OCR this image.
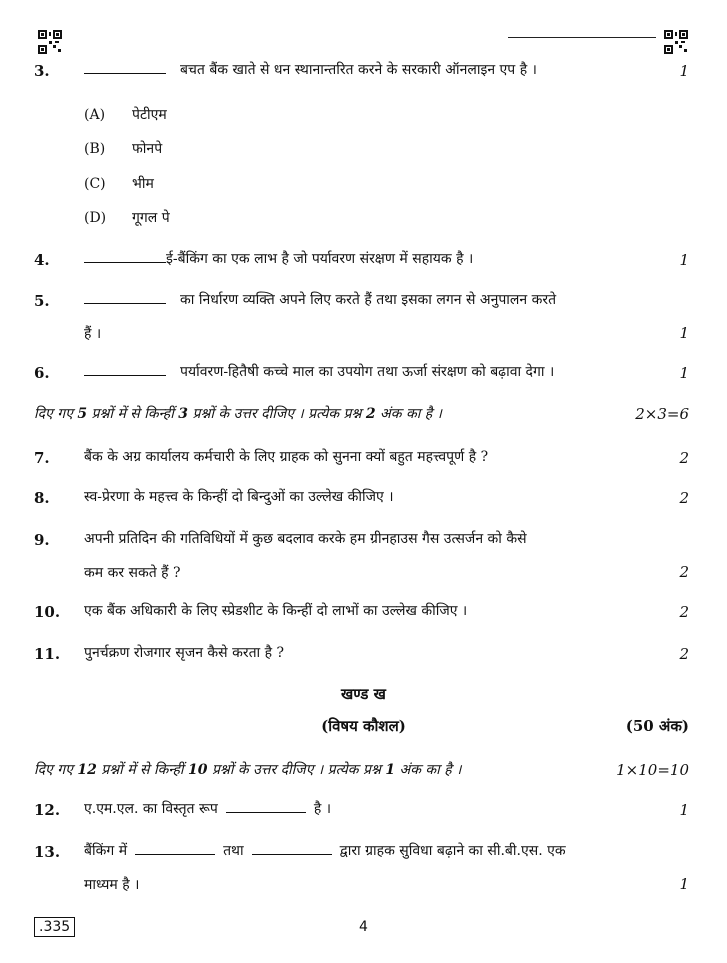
3.	बचत बैंक खाते से धन स्थानान्तरित करने के सरकारी ऑनलाइन एप है ।	1
(A) पेटीएम
(B) फोनपे
(C) भीम
(D) गूगल पे
4.	ई-बैंकिंग का एक लाभ है जो पर्यावरण संरक्षण में सहायक है ।	1
5.	का निर्धारण व्यक्ति अपने लिए करते हैं तथा इसका लगन से अनुपालन करते
हैं ।	1
6.	पर्यावरण-हितैषी कच्चे माल का उपयोग तथा ऊर्जा संरक्षण को बढ़ावा देगा ।	1
दिए गए 5 प्रश्नों में से किन्हीं 3 प्रश्नों के उत्तर दीजिए । प्रत्येक प्रश्न 2 अंक का है ।	2×3=6
7. बैंक के अग्र कार्यालय कर्मचारी के लिए ग्राहक को सुनना क्यों बहुत महत्त्वपूर्ण है ?	2
8. स्व-प्रेरणा के महत्त्व के किन्हीं दो बिन्दुओं का उल्लेख कीजिए ।	2
9. अपनी प्रतिदिन की गतिविधियों में कुछ बदलाव करके हम ग्रीनहाउस गैस उत्सर्जन को कैसे
कम कर सकते हैं ?	2
10. एक बैंक अधिकारी के लिए स्प्रेडशीट के किन्हीं दो लाभों का उल्लेख कीजिए ।	2
11. पुनर्चक्रण रोजगार सृजन कैसे करता है ?	2
खण्ड ख
(विषय कौशल)	(50 अंक)
दिए गए 12 प्रश्नों में से किन्हीं 10 प्रश्नों के उत्तर दीजिए । प्रत्येक प्रश्न 1 अंक का है ।	1×10=10
12. ए.एम.एल. का विस्तृत रूप	है ।	1
13. बैंकिंग में	तथा	द्वारा ग्राहक सुविधा बढ़ाने का सी.बी.एस. एक
माध्यम है ।	1
.335	4
